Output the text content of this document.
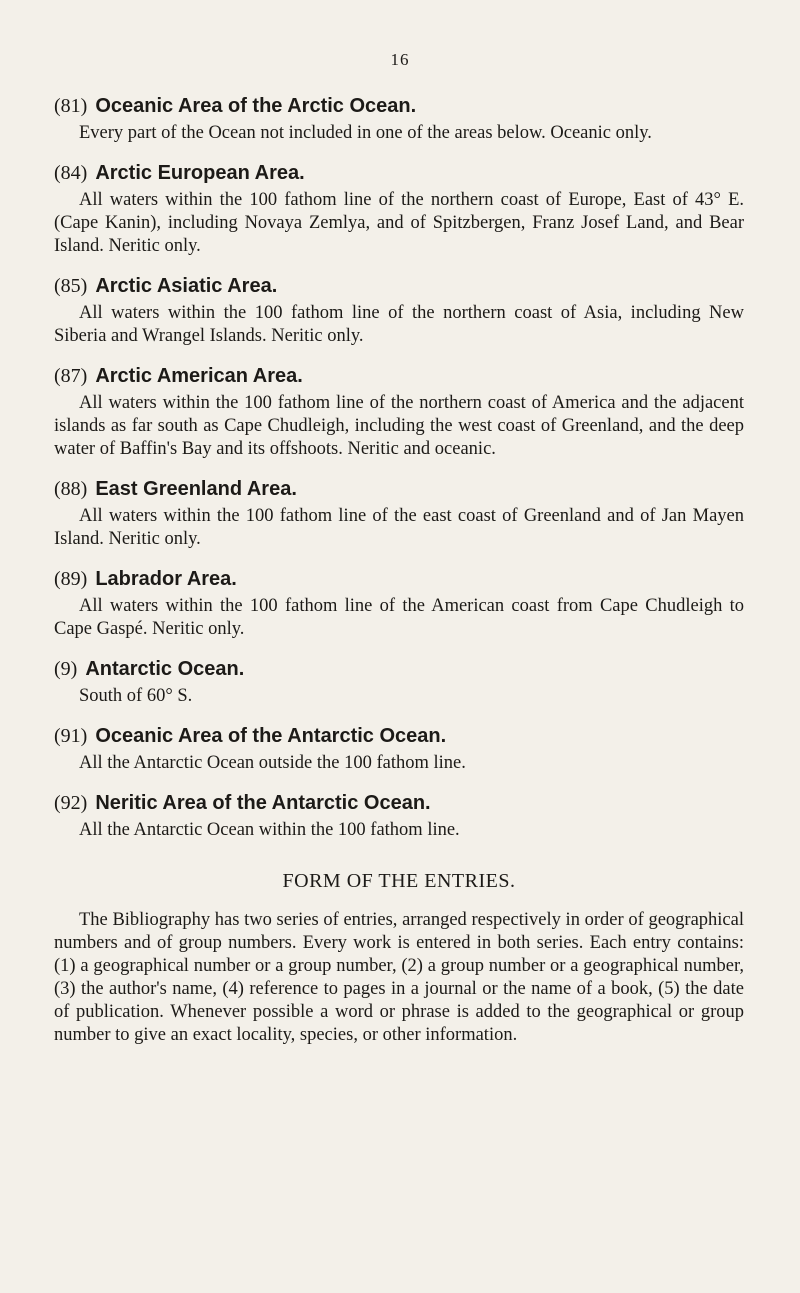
16
(81) Oceanic Area of the Arctic Ocean.

Every part of the Ocean not included in one of the areas below. Oceanic only.

(84) Arctic European Area.

All waters within the 100 fathom line of the northern coast of Europe, East of 43° E. (Cape Kanin), including Novaya Zemlya, and of Spitzbergen, Franz Josef Land, and Bear Island. Neritic only.

(85) Arctic Asiatic Area.

All waters within the 100 fathom line of the northern coast of Asia, including New Siberia and Wrangel Islands. Neritic only.

(87) Arctic American Area.

All waters within the 100 fathom line of the northern coast of America and the adjacent islands as far south as Cape Chudleigh, including the west coast of Greenland, and the deep water of Baffin's Bay and its offshoots. Neritic and oceanic.

(88) East Greenland Area.

All waters within the 100 fathom line of the east coast of Greenland and of Jan Mayen Island. Neritic only.

(89) Labrador Area.

All waters within the 100 fathom line of the American coast from Cape Chudleigh to Cape Gaspé. Neritic only.

(9) Antarctic Ocean.

South of 60° S.

(91) Oceanic Area of the Antarctic Ocean.

All the Antarctic Ocean outside the 100 fathom line.

(92) Neritic Area of the Antarctic Ocean.

All the Antarctic Ocean within the 100 fathom line.

FORM OF THE ENTRIES.

The Bibliography has two series of entries, arranged respectively in order of geographical numbers and of group numbers. Every work is entered in both series. Each entry contains: (1) a geographical number or a group number, (2) a group number or a geographical number, (3) the author's name, (4) reference to pages in a journal or the name of a book, (5) the date of publication. Whenever possible a word or phrase is added to the geographical or group number to give an exact locality, species, or other information.
